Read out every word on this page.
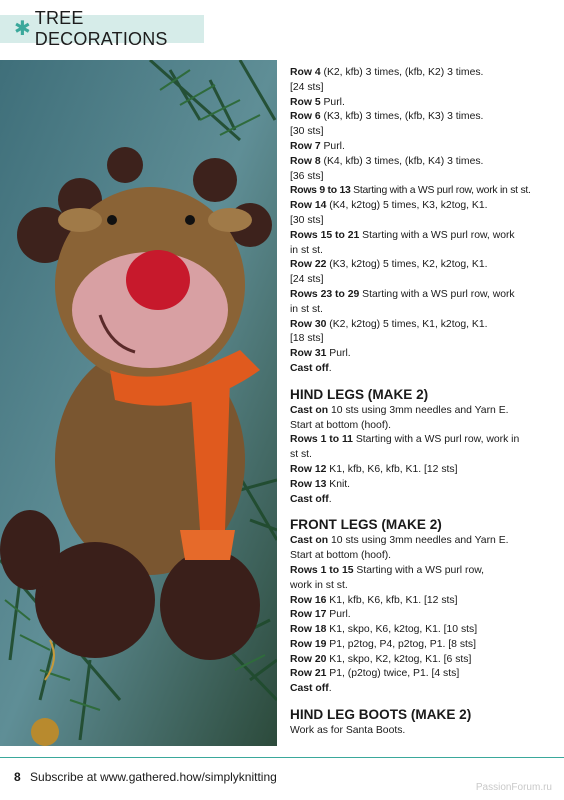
✱ TREE DECORATIONS
Row 4 (K2, kfb) 3 times, (kfb, K2) 3 times.
[24 sts]
Row 5 Purl.
Row 6 (K3, kfb) 3 times, (kfb, K3) 3 times.
[30 sts]
Row 7 Purl.
Row 8 (K4, kfb) 3 times, (kfb, K4) 3 times.
[36 sts]
Rows 9 to 13 Starting with a WS purl row, work in st st.
Row 14 (K4, k2tog) 5 times, K3, k2tog, K1.
[30 sts]
Rows 15 to 21 Starting with a WS purl row, work
in st st.
Row 22 (K3, k2tog) 5 times, K2, k2tog, K1.
[24 sts]
Rows 23 to 29 Starting with a WS purl row, work
in st st.
Row 30 (K2, k2tog) 5 times, K1, k2tog, K1.
[18 sts]
Row 31 Purl.
Cast off.
HIND LEGS (MAKE 2)
Cast on 10 sts using 3mm needles and Yarn E.
Start at bottom (hoof).
Rows 1 to 11 Starting with a WS purl row, work in
st st.
Row 12 K1, kfb, K6, kfb, K1. [12 sts]
Row 13 Knit.
Cast off.
FRONT LEGS (MAKE 2)
Cast on 10 sts using 3mm needles and Yarn E.
Start at bottom (hoof).
Rows 1 to 15 Starting with a WS purl row,
work in st st.
Row 16 K1, kfb, K6, kfb, K1. [12 sts]
Row 17 Purl.
Row 18 K1, skpo, K6, k2tog, K1. [10 sts]
Row 19 P1, p2tog, P4, p2tog, P1. [8 sts]
Row 20 K1, skpo, K2, k2tog, K1. [6 sts]
Row 21 P1, (p2tog) twice, P1. [4 sts]
Cast off.
HIND LEG BOOTS (MAKE 2)
Work as for Santa Boots.
8 Subscribe at www.gathered.how/simplyknitting
PassionForum.ru
